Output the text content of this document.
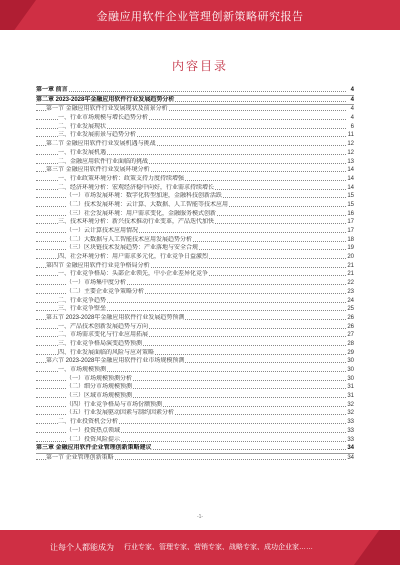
金融应用软件企业管理创新策略研究报告
内容目录
第一章 前言	4
第二章 2023-2028年金融应用软件行业发展趋势分析	4
第一节 金融应用软件行业发展现状及前景分析	4
一、行业市场规模与增长趋势分析	4
二、行业发展现状	6
三、行业发展前景与趋势分析	11
第二节 金融应用软件行业发展机遇与挑战	12
一、行业发展机遇	12
二、金融应用软件行业面临的挑战	13
第三节 金融应用软件行业发展环境分析	14
一、行业政策环境分析：政策支持力度持续增强	14
二、经济环境分析：宏观经济稳中向好，行业需求持续增长	14
（一）市场发展环境：数字化转型加速，金融科技创新活跃	15
（二）技术发展环境：云计算、大数据、人工智能等技术应用	15
（三）社会发展环境：用户需求变化，金融服务模式创新	16
三、技术环境分析：新兴技术推动行业变革，产品迭代加快	17
（一）云计算技术应用情况	17
（二）大数据与人工智能技术应用发展趋势分析	18
（三）区块链技术发展趋势：产业落地与安全合规	19
四、社会环境分析：用户需求多元化，行业竞争日益激烈	20
第四节 金融应用软件行业竞争格局分析	21
一、行业竞争格局：头部企业领先，中小企业差异化竞争	21
（一）市场集中度分析	22
（二）主要企业竞争策略分析	23
二、行业竞争趋势	24
三、行业竞争壁垒	25
第五节 2023-2028年金融应用软件行业发展趋势预测	26
一、产品技术创新发展趋势与方向	26
二、市场需求变化与行业应用拓展	27
三、行业竞争格局演变趋势预测	28
四、行业发展面临的风险与应对策略	29
第六节 2023-2028年金融应用软件行业市场规模预测	30
一、市场规模预测	30
（一）市场规模预测分析	30
（二）细分市场规模预测	31
（三）区域市场规模预测	31
（四）行业竞争格局与市场份额预测	32
（五）行业发展驱动因素与制约因素分析	32
二、行业投资机会分析	33
（一）投资热点领域	33
（二）投资风险提示	33
第三章 金融应用软件企业管理创新策略建议	34
第一节 企业管理创新策略	34
-1-
让每个人都能成为 行业专家、管理专家、营销专家、战略专家、成功企业家……
